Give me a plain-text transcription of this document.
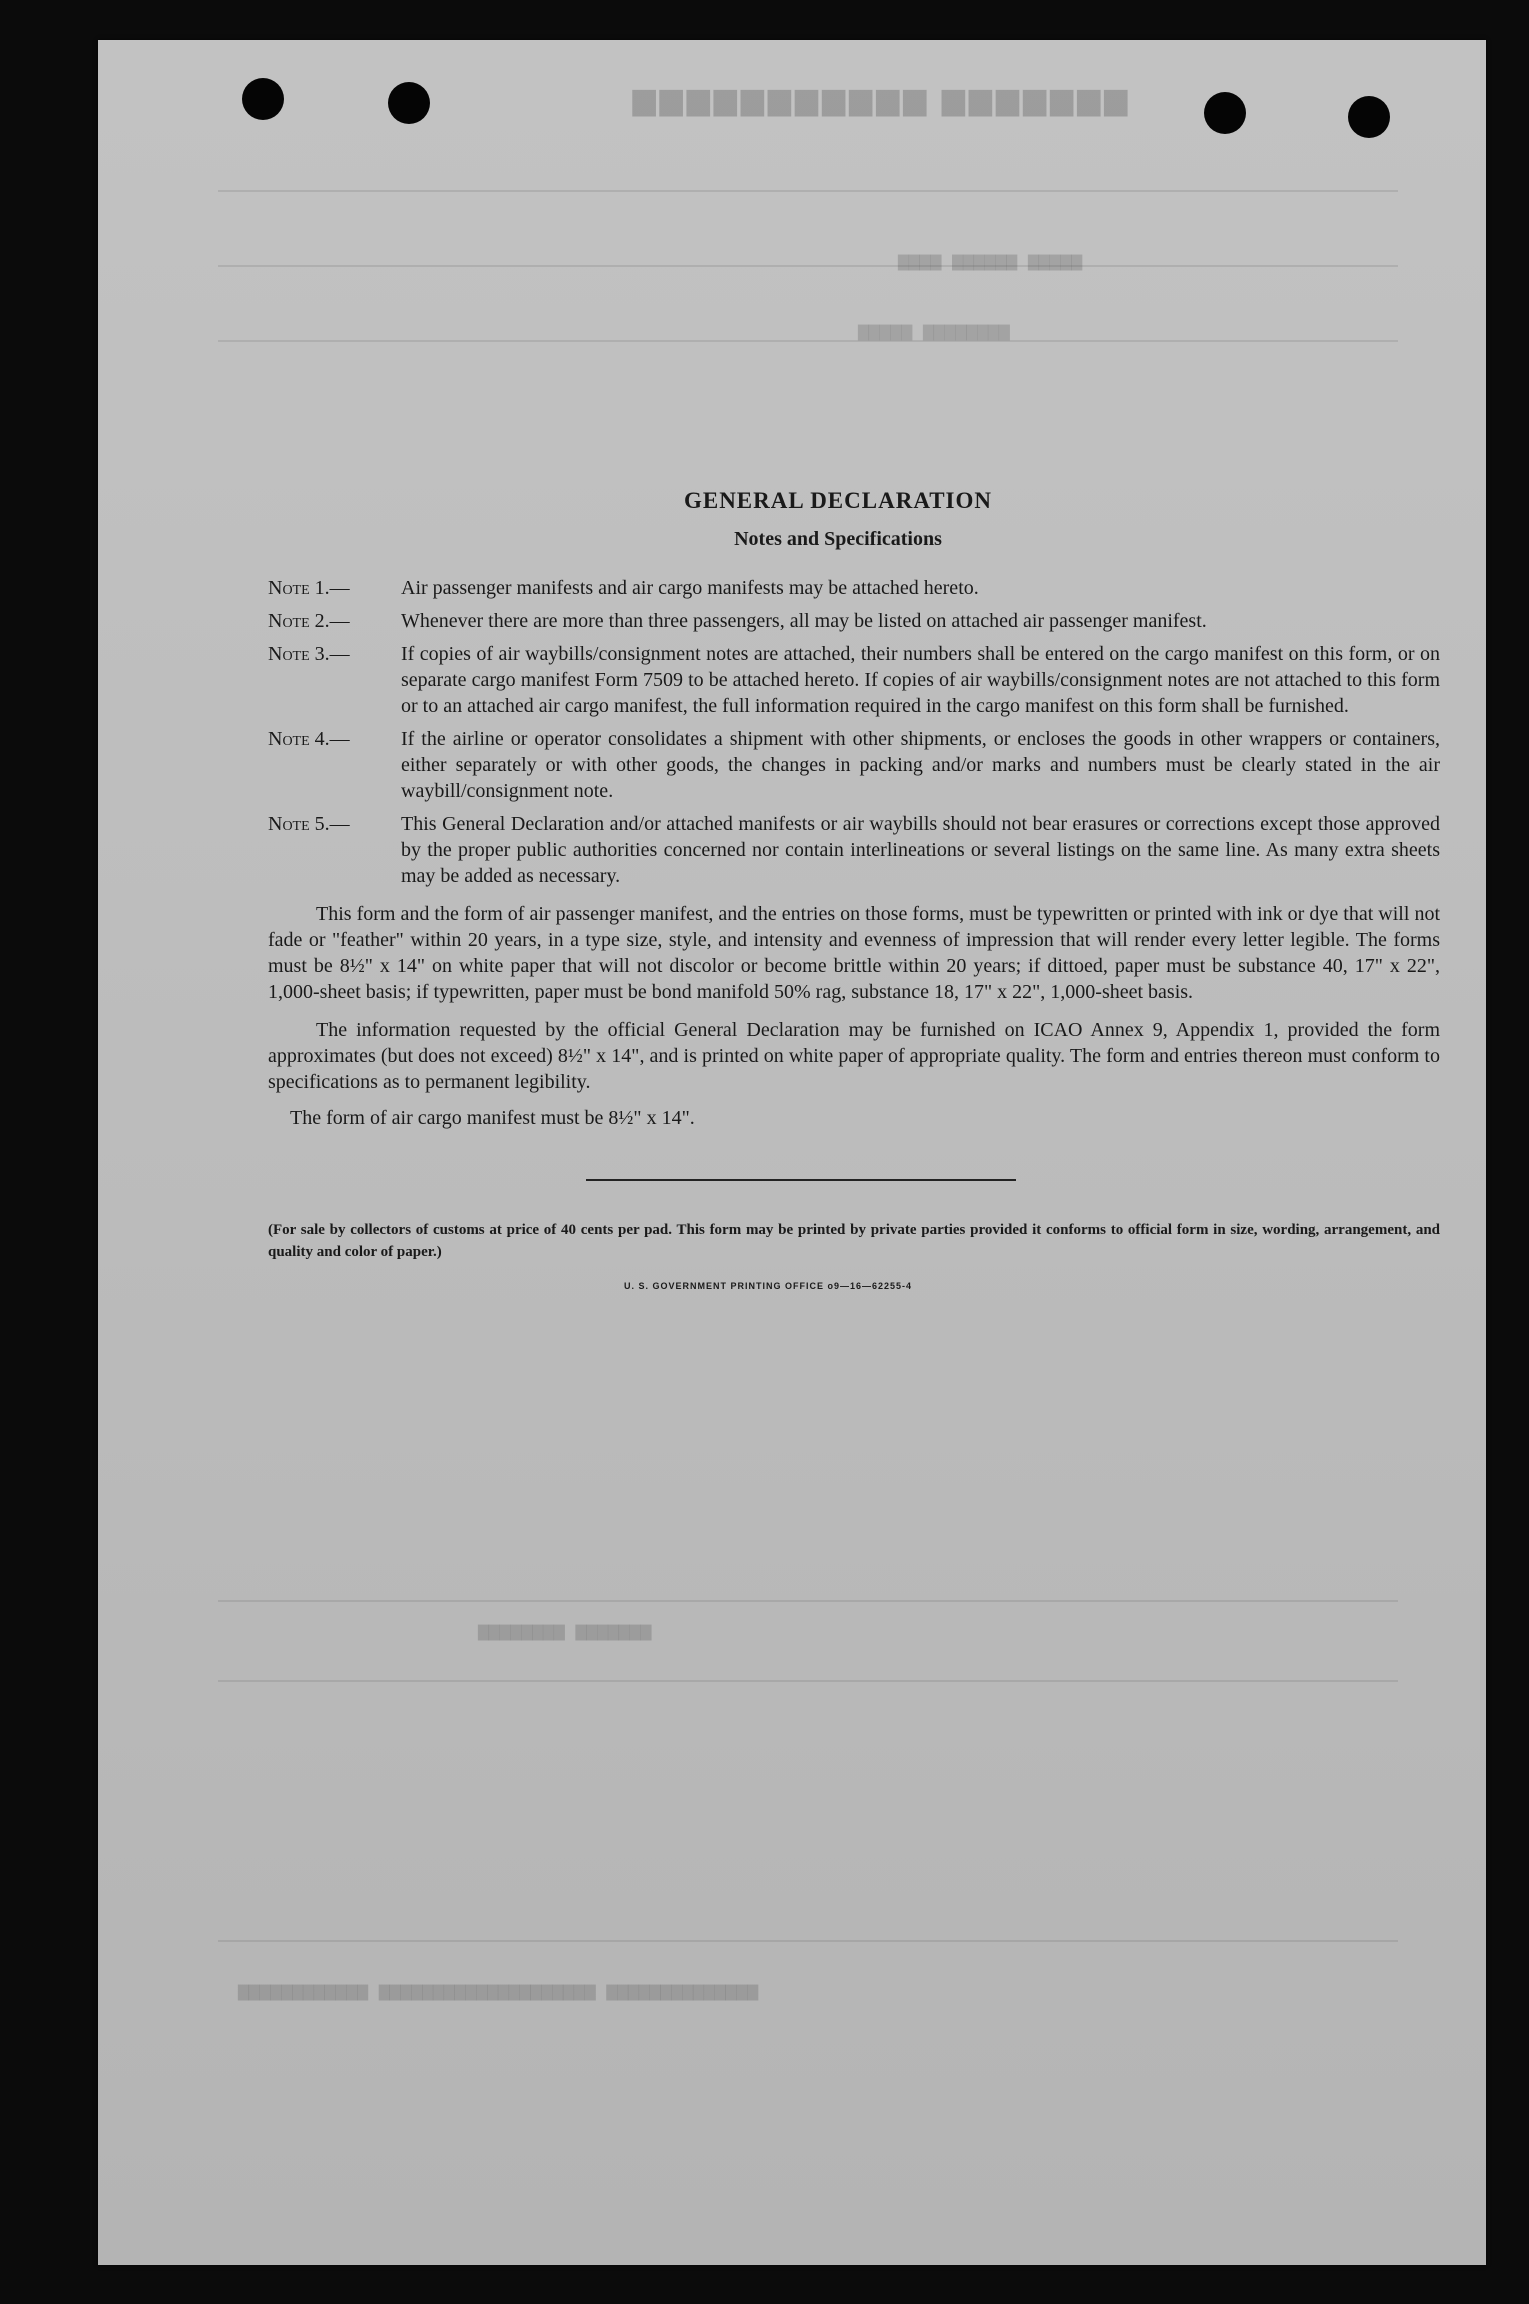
▆▆▆▆▆▆▆ ▆▆▆▆▆▆▆▆▆▆▆
▆▆▆▆▆ ▆▆▆▆▆▆ ▆▆▆▆
▆▆▆▆▆▆▆▆ ▆▆▆▆▆
▆▆▆▆▆▆▆ ▆▆▆▆▆▆▆▆
▆▆▆▆▆▆▆▆▆▆▆▆▆▆ ▆▆▆▆▆▆▆▆▆▆▆▆▆▆▆▆▆▆▆▆ ▆▆▆▆▆▆▆▆▆▆▆▆
GENERAL DECLARATION
Notes and Specifications
Note 1.—	Air passenger manifests and air cargo manifests may be attached hereto.
Note 2.—	Whenever there are more than three passengers, all may be listed on attached air passenger manifest.
Note 3.—	If copies of air waybills/consignment notes are attached, their numbers shall be entered on the cargo manifest on this form, or on separate cargo manifest Form 7509 to be attached hereto. If copies of air waybills/consignment notes are not attached to this form or to an attached air cargo manifest, the full information required in the cargo manifest on this form shall be furnished.
Note 4.—	If the airline or operator consolidates a shipment with other shipments, or encloses the goods in other wrappers or containers, either separately or with other goods, the changes in packing and/or marks and numbers must be clearly stated in the air waybill/consignment note.
Note 5.—	This General Declaration and/or attached manifests or air waybills should not bear erasures or corrections except those approved by the proper public authorities concerned nor contain interlineations or several listings on the same line. As many extra sheets may be added as necessary.

This form and the form of air passenger manifest, and the entries on those forms, must be typewritten or printed with ink or dye that will not fade or "feather" within 20 years, in a type size, style, and intensity and evenness of impression that will render every letter legible. The forms must be 8½" x 14" on white paper that will not discolor or become brittle within 20 years; if dittoed, paper must be substance 40, 17" x 22", 1,000-sheet basis; if typewritten, paper must be bond manifold 50% rag, substance 18, 17" x 22", 1,000-sheet basis.

The information requested by the official General Declaration may be furnished on ICAO Annex 9, Appendix 1, provided the form approximates (but does not exceed) 8½" x 14", and is printed on white paper of appropriate quality. The form and entries thereon must conform to specifications as to permanent legibility.

The form of air cargo manifest must be 8½" x 14".
(For sale by collectors of customs at price of 40 cents per pad. This form may be printed by private parties provided it conforms to official form in size, wording, arrangement, and quality and color of paper.)
U. S. GOVERNMENT PRINTING OFFICE o9—16—62255-4
